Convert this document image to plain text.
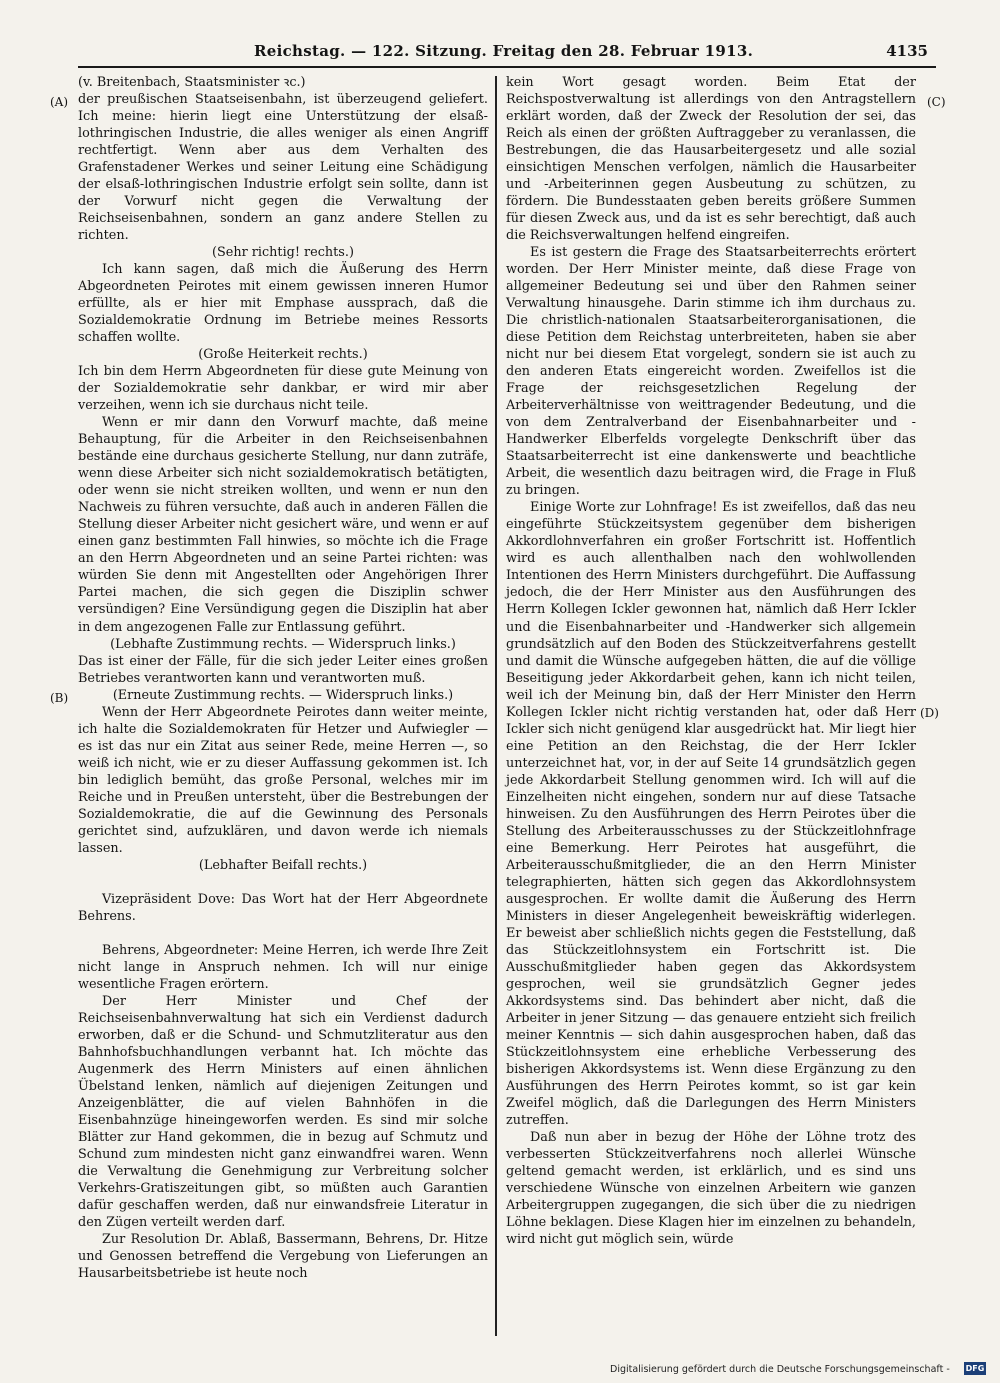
Reichstag. — 122. Sitzung. Freitag den 28. Februar 1913.	4135
(A)
(B)
(C)
(D)

(v. Breitenbach, Staatsminister ꝛc.)

der preußischen Staatseisenbahn, ist überzeugend geliefert. Ich meine: hierin liegt eine Unterstützung der elsaß-lothringischen Industrie, die alles weniger als einen Angriff rechtfertigt. Wenn aber aus dem Verhalten des Grafenstadener Werkes und seiner Leitung eine Schädigung der elsaß-lothringischen Industrie erfolgt sein sollte, dann ist der Vorwurf nicht gegen die Verwaltung der Reichseisenbahnen, sondern an ganz andere Stellen zu richten.

(Sehr richtig! rechts.)

Ich kann sagen, daß mich die Äußerung des Herrn Abgeordneten Peirotes mit einem gewissen inneren Humor erfüllte, als er hier mit Emphase aussprach, daß die Sozialdemokratie Ordnung im Betriebe meines Ressorts schaffen wollte.

(Große Heiterkeit rechts.)

Ich bin dem Herrn Abgeordneten für diese gute Meinung von der Sozialdemokratie sehr dankbar, er wird mir aber verzeihen, wenn ich sie durchaus nicht teile.

Wenn er mir dann den Vorwurf machte, daß meine Behauptung, für die Arbeiter in den Reichseisenbahnen bestände eine durchaus gesicherte Stellung, nur dann zuträfe, wenn diese Arbeiter sich nicht sozialdemokratisch betätigten, oder wenn sie nicht streiken wollten, und wenn er nun den Nachweis zu führen versuchte, daß auch in anderen Fällen die Stellung dieser Arbeiter nicht gesichert wäre, und wenn er auf einen ganz bestimmten Fall hinwies, so möchte ich die Frage an den Herrn Abgeordneten und an seine Partei richten: was würden Sie denn mit Angestellten oder Angehörigen Ihrer Partei machen, die sich gegen die Disziplin schwer versündigen? Eine Versündigung gegen die Disziplin hat aber in dem angezogenen Falle zur Entlassung geführt.

(Lebhafte Zustimmung rechts. — Widerspruch links.)

Das ist einer der Fälle, für die sich jeder Leiter eines großen Betriebes verantworten kann und verantworten muß.

(Erneute Zustimmung rechts. — Widerspruch links.)

Wenn der Herr Abgeordnete Peirotes dann weiter meinte, ich halte die Sozialdemokraten für Hetzer und Aufwiegler — es ist das nur ein Zitat aus seiner Rede, meine Herren —, so weiß ich nicht, wie er zu dieser Auffassung gekommen ist. Ich bin lediglich bemüht, das große Personal, welches mir im Reiche und in Preußen untersteht, über die Bestrebungen der Sozialdemokratie, die auf die Gewinnung des Personals gerichtet sind, aufzuklären, und davon werde ich niemals lassen.

(Lebhafter Beifall rechts.)

Vizepräsident Dove: Das Wort hat der Herr Abgeordnete Behrens.

Behrens, Abgeordneter: Meine Herren, ich werde Ihre Zeit nicht lange in Anspruch nehmen. Ich will nur einige wesentliche Fragen erörtern.

Der Herr Minister und Chef der Reichseisenbahnverwaltung hat sich ein Verdienst dadurch erworben, daß er die Schund- und Schmutzliteratur aus den Bahnhofsbuchhandlungen verbannt hat. Ich möchte das Augenmerk des Herrn Ministers auf einen ähnlichen Übelstand lenken, nämlich auf diejenigen Zeitungen und Anzeigenblätter, die auf vielen Bahnhöfen in die Eisenbahnzüge hineingeworfen werden. Es sind mir solche Blätter zur Hand gekommen, die in bezug auf Schmutz und Schund zum mindesten nicht ganz einwandfrei waren. Wenn die Verwaltung die Genehmigung zur Verbreitung solcher Verkehrs-Gratiszeitungen gibt, so müßten auch Garantien dafür geschaffen werden, daß nur einwandsfreie Literatur in den Zügen verteilt werden darf.

Zur Resolution Dr. Ablaß, Bassermann, Behrens, Dr. Hitze und Genossen betreffend die Vergebung von Lieferungen an Hausarbeitsbetriebe ist heute noch

kein Wort gesagt worden. Beim Etat der Reichspostverwaltung ist allerdings von den Antragstellern erklärt worden, daß der Zweck der Resolution der sei, das Reich als einen der größten Auftraggeber zu veranlassen, die Bestrebungen, die das Hausarbeitergesetz und alle sozial einsichtigen Menschen verfolgen, nämlich die Hausarbeiter und -Arbeiterinnen gegen Ausbeutung zu schützen, zu fördern. Die Bundesstaaten geben bereits größere Summen für diesen Zweck aus, und da ist es sehr berechtigt, daß auch die Reichsverwaltungen helfend eingreifen.

Es ist gestern die Frage des Staatsarbeiterrechts erörtert worden. Der Herr Minister meinte, daß diese Frage von allgemeiner Bedeutung sei und über den Rahmen seiner Verwaltung hinausgehe. Darin stimme ich ihm durchaus zu. Die christlich-nationalen Staatsarbeiterorganisationen, die diese Petition dem Reichstag unterbreiteten, haben sie aber nicht nur bei diesem Etat vorgelegt, sondern sie ist auch zu den anderen Etats eingereicht worden. Zweifellos ist die Frage der reichsgesetzlichen Regelung der Arbeiterverhältnisse von weittragender Bedeutung, und die von dem Zentralverband der Eisenbahnarbeiter und -Handwerker Elberfelds vorgelegte Denkschrift über das Staatsarbeiterrecht ist eine dankenswerte und beachtliche Arbeit, die wesentlich dazu beitragen wird, die Frage in Fluß zu bringen.

Einige Worte zur Lohnfrage! Es ist zweifellos, daß das neu eingeführte Stückzeitsystem gegenüber dem bisherigen Akkordlohnverfahren ein großer Fortschritt ist. Hoffentlich wird es auch allenthalben nach den wohlwollenden Intentionen des Herrn Ministers durchgeführt. Die Auffassung jedoch, die der Herr Minister aus den Ausführungen des Herrn Kollegen Ickler gewonnen hat, nämlich daß Herr Ickler und die Eisenbahnarbeiter und -Handwerker sich allgemein grundsätzlich auf den Boden des Stückzeitverfahrens gestellt und damit die Wünsche aufgegeben hätten, die auf die völlige Beseitigung jeder Akkordarbeit gehen, kann ich nicht teilen, weil ich der Meinung bin, daß der Herr Minister den Herrn Kollegen Ickler nicht richtig verstanden hat, oder daß Herr Ickler sich nicht genügend klar ausgedrückt hat. Mir liegt hier eine Petition an den Reichstag, die der Herr Ickler unterzeichnet hat, vor, in der auf Seite 14 grundsätzlich gegen jede Akkordarbeit Stellung genommen wird. Ich will auf die Einzelheiten nicht eingehen, sondern nur auf diese Tatsache hinweisen. Zu den Ausführungen des Herrn Peirotes über die Stellung des Arbeiterausschusses zu der Stückzeitlohnfrage eine Bemerkung. Herr Peirotes hat ausgeführt, die Arbeiterausschußmitglieder, die an den Herrn Minister telegraphierten, hätten sich gegen das Akkordlohnsystem ausgesprochen. Er wollte damit die Äußerung des Herrn Ministers in dieser Angelegenheit beweiskräftig widerlegen. Er beweist aber schließlich nichts gegen die Feststellung, daß das Stückzeitlohnsystem ein Fortschritt ist. Die Ausschußmitglieder haben gegen das Akkordsystem gesprochen, weil sie grundsätzlich Gegner jedes Akkordsystems sind. Das behindert aber nicht, daß die Arbeiter in jener Sitzung — das genauere entzieht sich freilich meiner Kenntnis — sich dahin ausgesprochen haben, daß das Stückzeitlohnsystem eine erhebliche Verbesserung des bisherigen Akkordsystems ist. Wenn diese Ergänzung zu den Ausführungen des Herrn Peirotes kommt, so ist gar kein Zweifel möglich, daß die Darlegungen des Herrn Ministers zutreffen.

Daß nun aber in bezug der Höhe der Löhne trotz des verbesserten Stückzeitverfahrens noch allerlei Wünsche geltend gemacht werden, ist erklärlich, und es sind uns verschiedene Wünsche von einzelnen Arbeitern wie ganzen Arbeitergruppen zugegangen, die sich über die zu niedrigen Löhne beklagen. Diese Klagen hier im einzelnen zu behandeln, wird nicht gut möglich sein, würde

Digitalisierung gefördert durch die Deutsche Forschungsgemeinschaft - DFG
